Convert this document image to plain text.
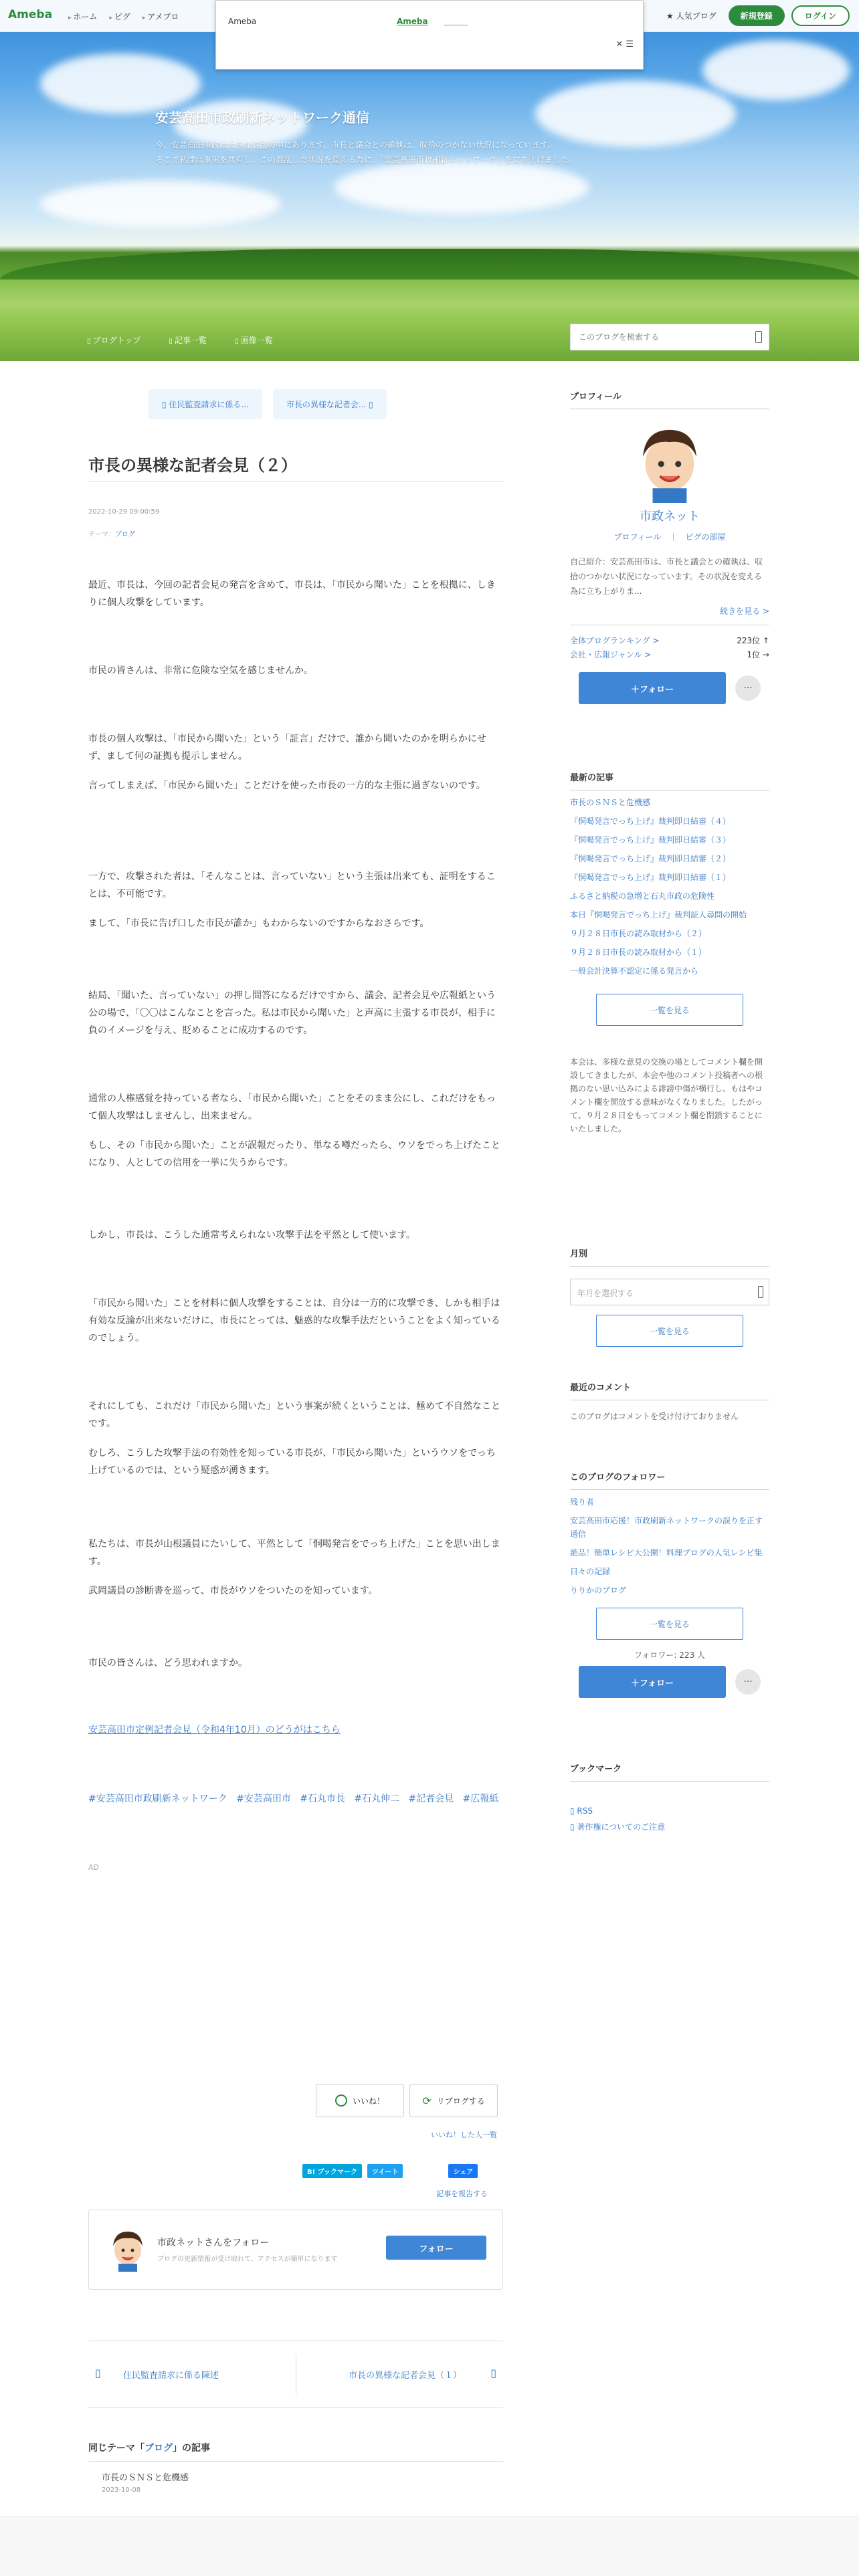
安芸高田市政刷新ネットワーク通信
今、安芸高田市政は大きな混乱の中にあります。市長と議会との確執は、収拾のつかない状況になっています。
そこで私達は事実を共有し、この混乱した状況を変える為に、「安芸高田市政刷新ネットワーク」を立ち上げました。
▯ ブログトップ	▯ 記事一覧	▯ 画像一覧
このブログを検索する
Ameba	▸ ホーム	▸ ピグ	▸ アメプロ	★ 人気ブログ	新規登録	ログイン
Ameba	Ameba
✕ ☰
▯ 住民監査請求に係る...	市長の異様な記者会... ▯
市長の異様な記者会見（２）
2022-10-29 09:00:59
テーマ：ブログ

最近、市長は、今回の記者会見の発言を含めて、市長は、「市民から聞いた」ことを根拠に、しきりに個人攻撃をしています。

市民の皆さんは、非常に危険な空気を感じませんか。

市長の個人攻撃は、「市民から聞いた」という「証言」だけで、誰から聞いたのかを明らかにせず、まして何の証拠も提示しません。

言ってしまえば、「市民から聞いた」ことだけを使った市長の一方的な主張に過ぎないのです。

一方で、攻撃された者は、「そんなことは、言っていない」という主張は出来ても、証明をすることは、不可能です。

まして、「市長に告げ口した市民が誰か」もわからないのですからなおさらです。

結局、「聞いた、言っていない」の押し問答になるだけですから、議会、記者会見や広報紙という公の場で、「〇〇はこんなことを言った。私は市民から聞いた」と声高に主張する市長が、相手に負のイメージを与え、貶めることに成功するのです。

通常の人権感覚を持っている者なら、「市民から聞いた」ことをそのまま公にし、これだけをもって個人攻撃はしませんし、出来ません。

もし、その「市民から聞いた」ことが誤報だったり、単なる噂だったら、ウソをでっち上げたことになり、人としての信用を一挙に失うからです。

しかし、市長は、こうした通常考えられない攻撃手法を平然として使います。

「市民から聞いた」ことを材料に個人攻撃をすることは、自分は一方的に攻撃でき、しかも相手は有効な反論が出来ないだけに、市長にとっては、魅惑的な攻撃手法だということをよく知っているのでしょう。

それにしても、これだけ「市民から聞いた」という事案が続くということは、極めて不自然なことです。

むしろ、こうした攻撃手法の有効性を知っている市長が、「市民から聞いた」というウソをでっち上げているのでは、という疑惑が湧きます。

私たちは、市長が山根議員にたいして、平然として「恫喝発言をでっち上げた」ことを思い出します。

武岡議員の診断書を巡って、市長がウソをついたのを知っています。

市民の皆さんは、どう思われますか。

安芸高田市定例記者会見（令和4年10月）のどうがはこちら
#安芸高田市政刷新ネットワーク #安芸高田市 #石丸市長 #石丸伸二 #記者会見 #広報紙
AD
いいね！	⟳ リブログする
いいね！した人一覧
B! ブックマーク	ツイート	シェア
記事を報告する
市政ネットさんをフォロー
ブログの更新情報が受け取れて、アクセスが簡単になります
フォロー
▯	住民監査請求に係る陳述	市長の異様な記者会見（１）	▯
同じテーマ「ブログ」の記事
市長のＳＮＳと危機感
2023-10-08
プロフィール
市政ネット
プロフィール　｜　ピグの部屋
自己紹介：安芸高田市は、市長と議会との確執は、収拾のつかない状況になっています。その状況を変える為に立ち上がりま...
続きを見る >
全体ブログランキング >	223位 ↑
会社・広報ジャンル >	1位 →
＋フォロー	···
最新の記事
市長のＳＮＳと危機感
『恫喝発言でっち上げ』裁判即日結審（４）
『恫喝発言でっち上げ』裁判即日結審（３）
『恫喝発言でっち上げ』裁判即日結審（２）
『恫喝発言でっち上げ』裁判即日結審（１）
ふるさと納税の急増と石丸市政の危険性
本日『恫喝発言でっち上げ』裁判証人尋問の開始
９月２８日市長の読み取材から（２）
９月２８日市長の読み取材から（１）
一般会計決算不認定に係る発言から
一覧を見る
本会は、多様な意見の交換の場としてコメント欄を開設してきましたが、本会や他のコメント投稿者への根拠のない思い込みによる誹謗中傷が横行し、もはやコメント欄を開放する意味がなくなりました。したがって、９月２８日をもってコメント欄を閉鎖することにいたしました。
月別
年月を選択する
一覧を見る
最近のコメント
このブログはコメントを受け付けておりません
このブログのフォロワー
残り者
安芸高田市応援！市政刷新ネットワークの誤りを正す通信
絶品！簡単レシピ大公開！料理ブログの人気レシピ集
日々の記録
りりかのブログ
一覧を見る
フォロワー: 223 人
＋フォロー	···
ブックマーク
▯ RSS
▯ 著作権についてのご注意
